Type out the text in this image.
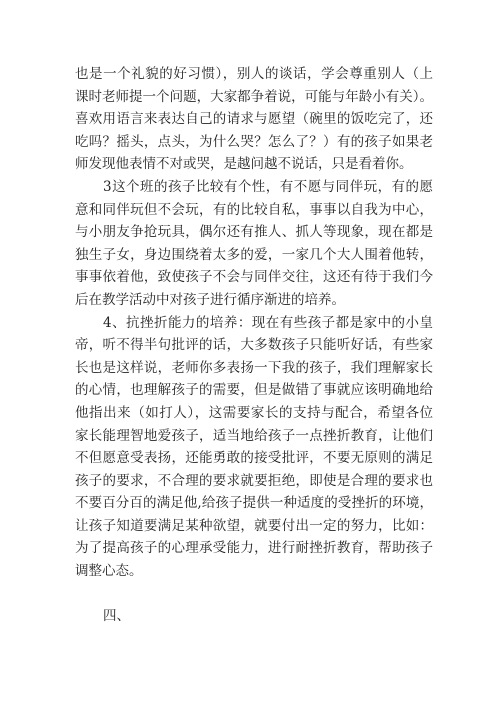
也是一个礼貌的好习惯），别人的谈话，学会尊重别人（上
课时老师提一个问题，大家都争着说，可能与年龄小有关）。
喜欢用语言来表达自己的请求与愿望（碗里的饭吃完了，还
吃吗？摇头，点头，为什么哭？怎么了？）有的孩子如果老
师发现他表情不对或哭，是越问越不说话，只是看着你。
3这个班的孩子比较有个性，有不愿与同伴玩，有的愿
意和同伴玩但不会玩，有的比较自私，事事以自我为中心，
与小朋友争抢玩具，偶尔还有推人、抓人等现象，现在都是
独生子女，身边围绕着太多的爱，一家几个大人围着他转，
事事依着他，致使孩子不会与同伴交往，这还有待于我们今
后在教学活动中对孩子进行循序渐进的培养。
4、抗挫折能力的培养：现在有些孩子都是家中的小皇
帝，听不得半句批评的话，大多数孩子只能听好话，有些家
长也是这样说，老师你多表扬一下我的孩子，我们理解家长
的心情，也理解孩子的需要，但是做错了事就应该明确地给
他指出来（如打人），这需要家长的支持与配合，希望各位
家长能理智地爱孩子，适当地给孩子一点挫折教育，让他们
不但愿意受表扬，还能勇敢的接受批评，不要无原则的满足
孩子的要求，不合理的要求就要拒绝，即使是合理的要求也
不要百分百的满足他,给孩子提供一种适度的受挫折的环境，
让孩子知道要满足某种欲望，就要付出一定的努力，比如：
为了提高孩子的心理承受能力，进行耐挫折教育，帮助孩子
调整心态。
四、
